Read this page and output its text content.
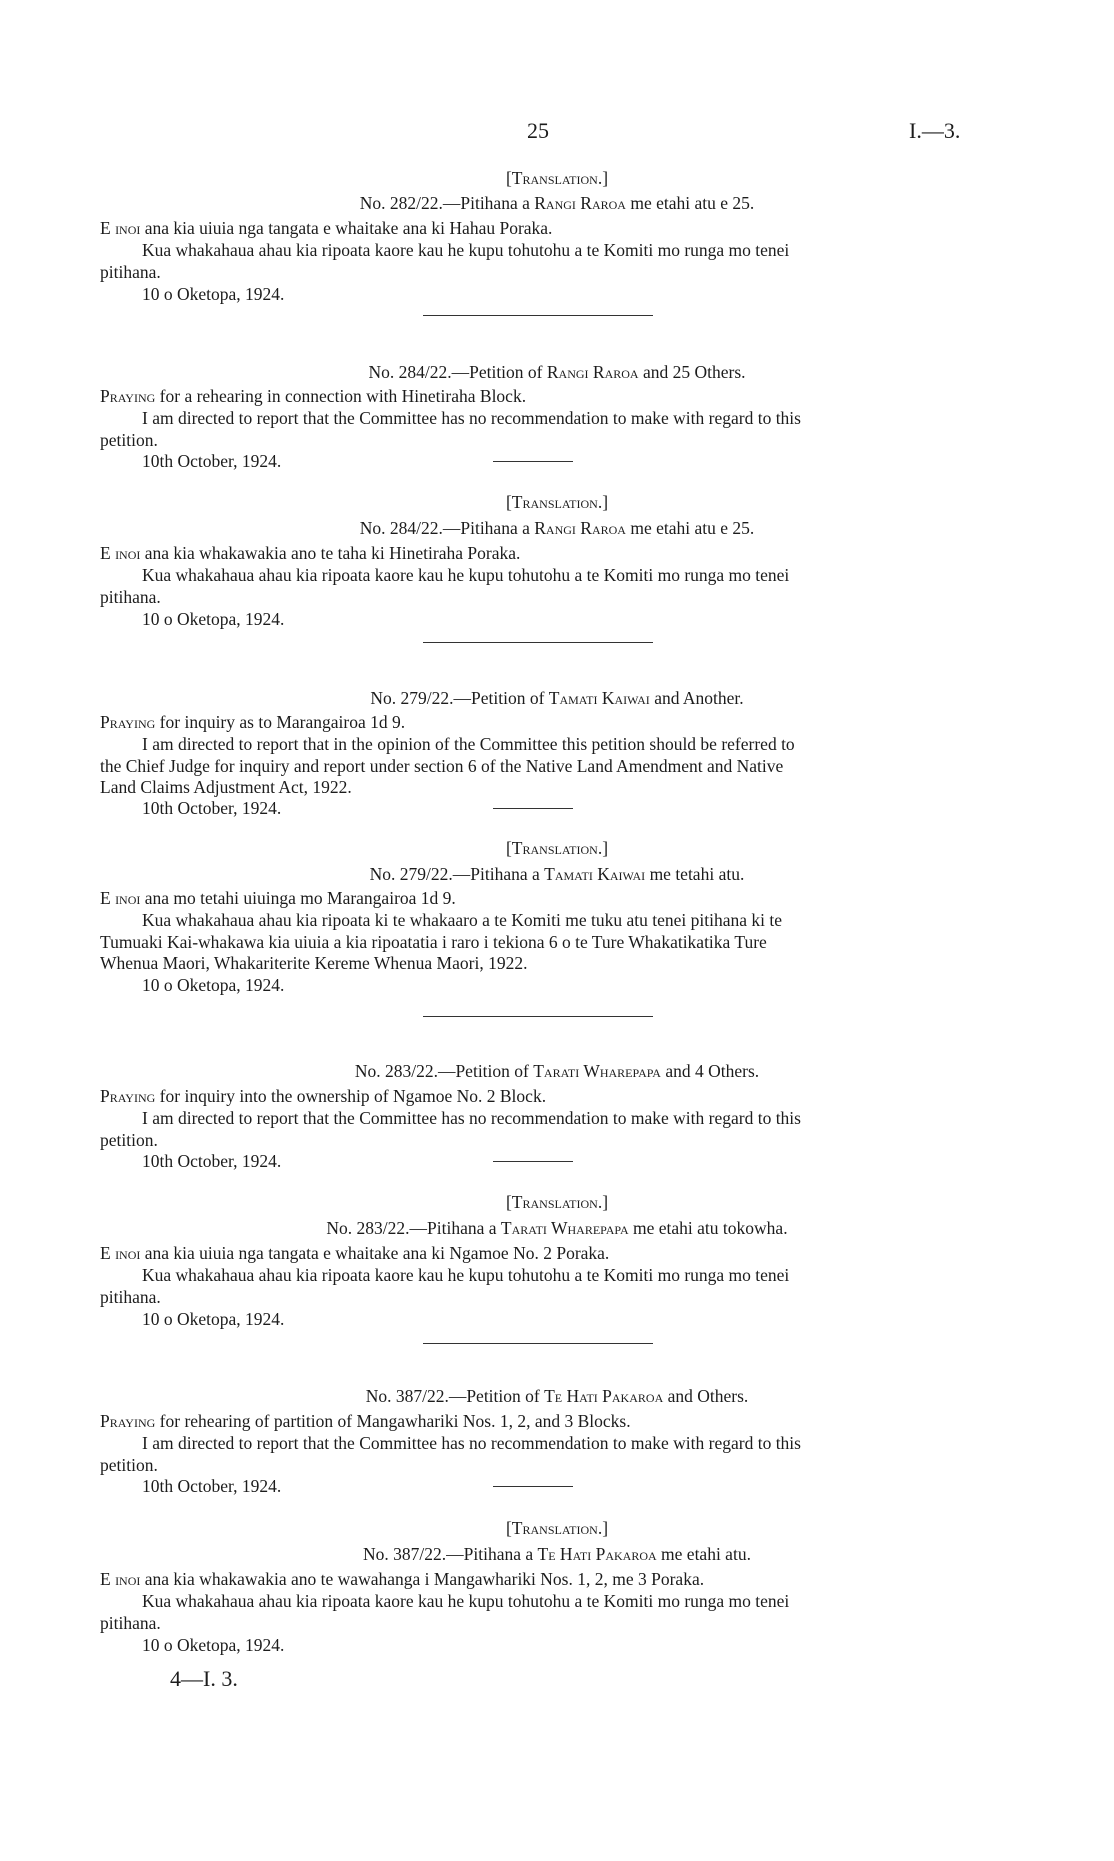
25	I.—3.
[Translation.]
No. 282/22.—Pitihana a Rangi Raroa me etahi atu e 25.
E inoi ana kia uiuia nga tangata e whaitake ana ki Hahau Poraka.
Kua whakahaua ahau kia ripoata kaore kau he kupu tohutohu a te Komiti mo runga mo tenei
pitihana.
10 o Oketopa, 1924.
No. 284/22.—Petition of Rangi Raroa and 25 Others.
Praying for a rehearing in connection with Hinetiraha Block.
I am directed to report that the Committee has no recommendation to make with regard to this
petition.
10th October, 1924.
[Translation.]
No. 284/22.—Pitihana a Rangi Raroa me etahi atu e 25.
E inoi ana kia whakawakia ano te taha ki Hinetiraha Poraka.
Kua whakahaua ahau kia ripoata kaore kau he kupu tohutohu a te Komiti mo runga mo tenei
pitihana.
10 o Oketopa, 1924.
No. 279/22.—Petition of Tamati Kaiwai and Another.
Praying for inquiry as to Marangairoa 1d 9.
I am directed to report that in the opinion of the Committee this petition should be referred to
the Chief Judge for inquiry and report under section 6 of the Native Land Amendment and Native
Land Claims Adjustment Act, 1922.
10th October, 1924.
[Translation.]
No. 279/22.—Pitihana a Tamati Kaiwai me tetahi atu.
E inoi ana mo tetahi uiuinga mo Marangairoa 1d 9.
Kua whakahaua ahau kia ripoata ki te whakaaro a te Komiti me tuku atu tenei pitihana ki te
Tumuaki Kai-whakawa kia uiuia a kia ripoatatia i raro i tekiona 6 o te Ture Whakatikatika Ture
Whenua Maori, Whakariterite Kereme Whenua Maori, 1922.
10 o Oketopa, 1924.
No. 283/22.—Petition of Tarati Wharepapa and 4 Others.
Praying for inquiry into the ownership of Ngamoe No. 2 Block.
I am directed to report that the Committee has no recommendation to make with regard to this
petition.
10th October, 1924.
[Translation.]
No. 283/22.—Pitihana a Tarati Wharepapa me etahi atu tokowha.
E inoi ana kia uiuia nga tangata e whaitake ana ki Ngamoe No. 2 Poraka.
Kua whakahaua ahau kia ripoata kaore kau he kupu tohutohu a te Komiti mo runga mo tenei
pitihana.
10 o Oketopa, 1924.
No. 387/22.—Petition of Te Hati Pakaroa and Others.
Praying for rehearing of partition of Mangawhariki Nos. 1, 2, and 3 Blocks.
I am directed to report that the Committee has no recommendation to make with regard to this
petition.
10th October, 1924.
[Translation.]
No. 387/22.—Pitihana a Te Hati Pakaroa me etahi atu.
E inoi ana kia whakawakia ano te wawahanga i Mangawhariki Nos. 1, 2, me 3 Poraka.
Kua whakahaua ahau kia ripoata kaore kau he kupu tohutohu a te Komiti mo runga mo tenei
pitihana.
10 o Oketopa, 1924.
4—I. 3.
